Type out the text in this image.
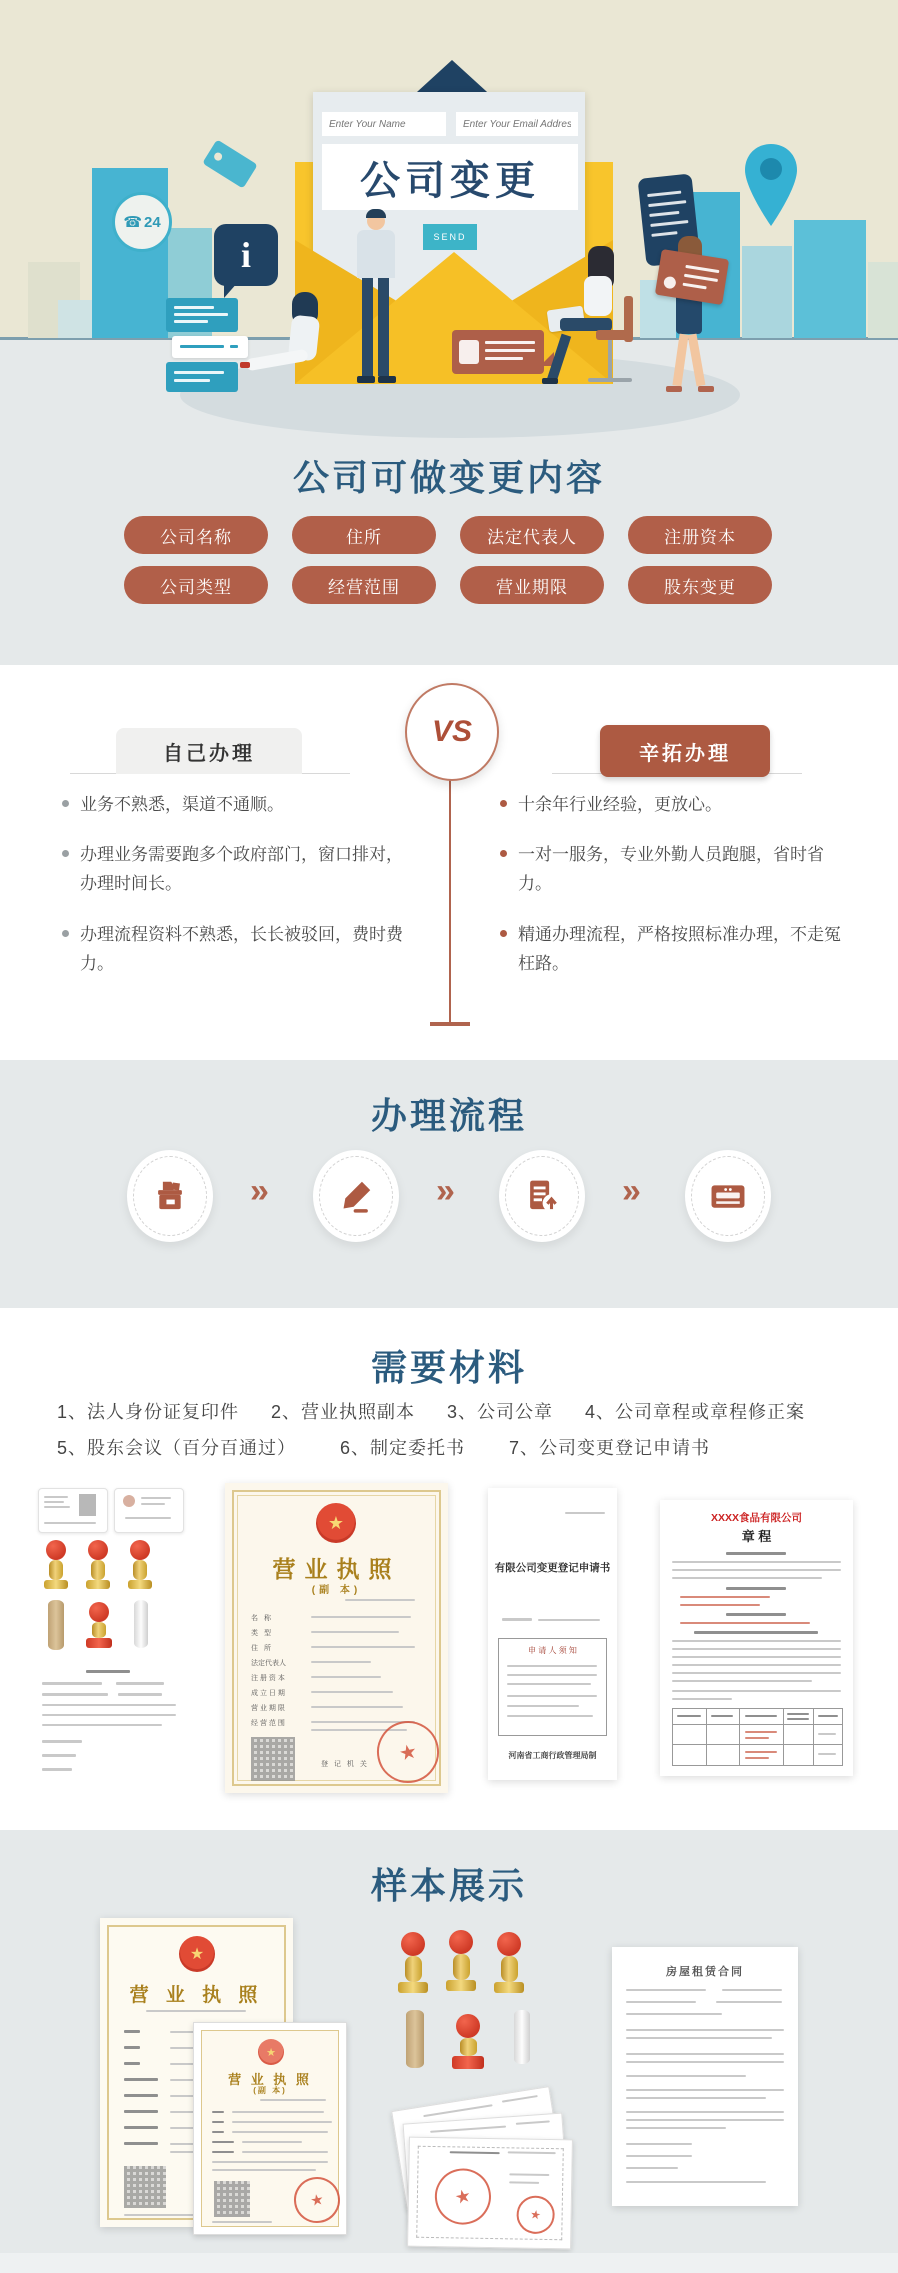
Enter Your Name
Enter Your Email Address
公司变更
SEND
☎ 24
i
公司可做变更内容
公司名称	住所	法定代表人	注册资本
公司类型	经营范围	营业期限	股东变更
自己办理	辛拓办理
VS
业务不熟悉，渠道不通顺。
办理业务需要跑多个政府部门，窗口排对，办理时间长。
办理流程资料不熟悉，长长被驳回，费时费力。
十余年行业经验，更放心。
一对一服务，专业外勤人员跑腿，省时省力。
精通办理流程，严格按照标准办理，不走冤枉路。
办理流程
»	»	»
需要材料
1、法人身份证复印件 2、营业执照副本 3、公司公章 4、公司章程或章程修正案
5、股东会议（百分百通过） 6、制定委托书 7、公司变更登记申请书
★
营业执照
(副 本)
名 称
类 型
住 所
法定代表人
注 册 资 本
成 立 日 期
营 业 期 限
经 营 范 围
登 记 机 关	★
有限公司变更登记申请书
申 请 人 须 知
河南省工商行政管理局制
XXXX食品有限公司
章 程
样本展示
★
营 业 执 照
★
营 业 执 照
(副 本)
★	★
★
房屋租赁合同
